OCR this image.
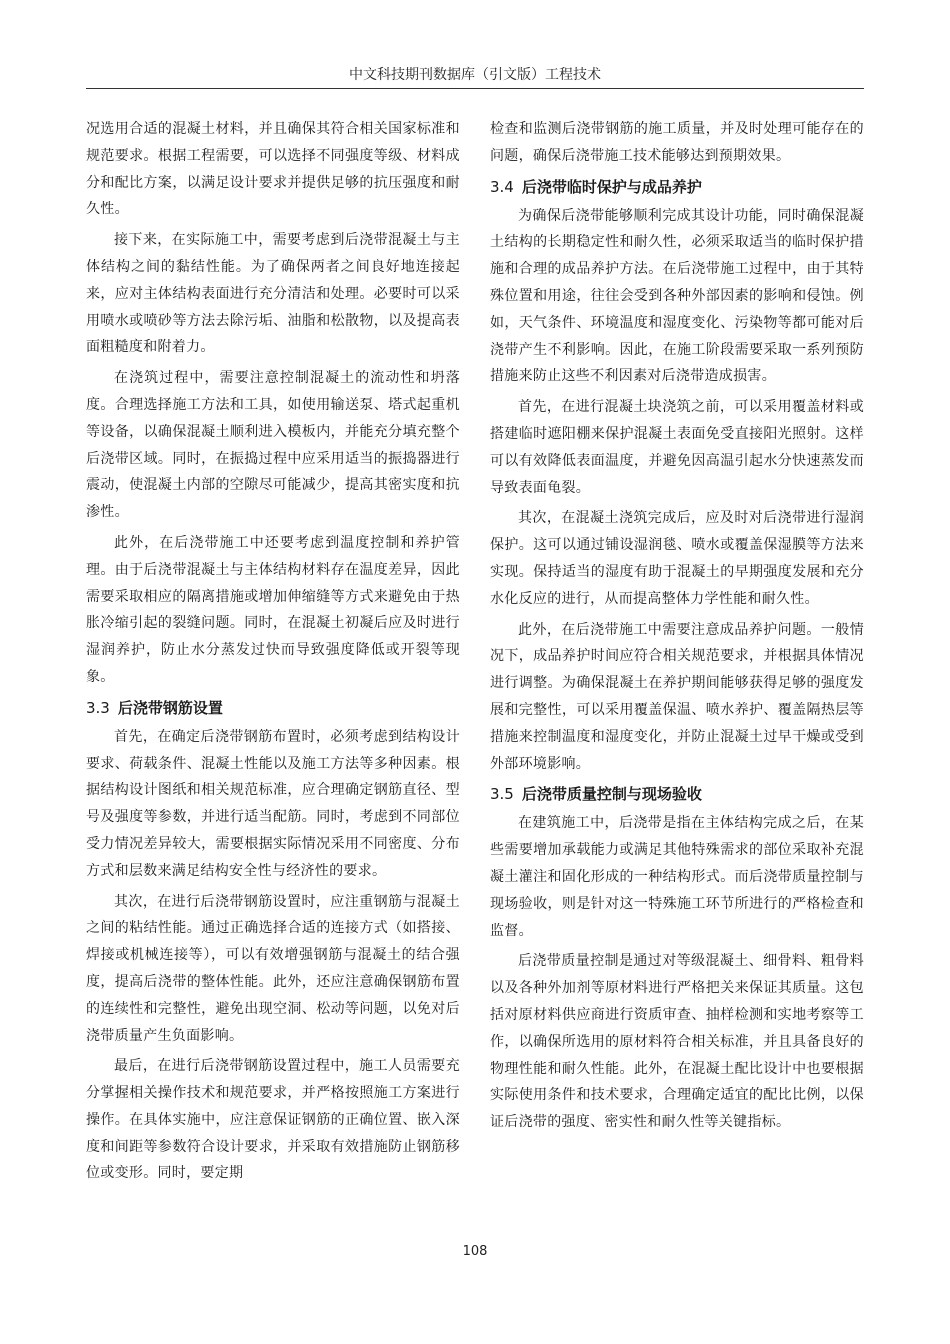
中文科技期刊数据库（引文版）工程技术

况选用合适的混凝土材料，并且确保其符合相关国家标准和规范要求。根据工程需要，可以选择不同强度等级、材料成分和配比方案，以满足设计要求并提供足够的抗压强度和耐久性。

接下来，在实际施工中，需要考虑到后浇带混凝土与主体结构之间的黏结性能。为了确保两者之间良好地连接起来，应对主体结构表面进行充分清洁和处理。必要时可以采用喷水或喷砂等方法去除污垢、油脂和松散物，以及提高表面粗糙度和附着力。

在浇筑过程中，需要注意控制混凝土的流动性和坍落度。合理选择施工方法和工具，如使用输送泵、塔式起重机等设备，以确保混凝土顺利进入模板内，并能充分填充整个后浇带区域。同时，在振捣过程中应采用适当的振捣器进行震动，使混凝土内部的空隙尽可能减少，提高其密实度和抗渗性。

此外，在后浇带施工中还要考虑到温度控制和养护管理。由于后浇带混凝土与主体结构材料存在温度差异，因此需要采取相应的隔离措施或增加伸缩缝等方式来避免由于热胀冷缩引起的裂缝问题。同时，在混凝土初凝后应及时进行湿润养护，防止水分蒸发过快而导致强度降低或开裂等现象。

3.3 后浇带钢筋设置

首先，在确定后浇带钢筋布置时，必须考虑到结构设计要求、荷载条件、混凝土性能以及施工方法等多种因素。根据结构设计图纸和相关规范标准，应合理确定钢筋直径、型号及强度等参数，并进行适当配筋。同时，考虑到不同部位受力情况差异较大，需要根据实际情况采用不同密度、分布方式和层数来满足结构安全性与经济性的要求。

其次，在进行后浇带钢筋设置时，应注重钢筋与混凝土之间的粘结性能。通过正确选择合适的连接方式（如搭接、焊接或机械连接等），可以有效增强钢筋与混凝土的结合强度，提高后浇带的整体性能。此外，还应注意确保钢筋布置的连续性和完整性，避免出现空洞、松动等问题，以免对后浇带质量产生负面影响。

最后，在进行后浇带钢筋设置过程中，施工人员需要充分掌握相关操作技术和规范要求，并严格按照施工方案进行操作。在具体实施中，应注意保证钢筋的正确位置、嵌入深度和间距等参数符合设计要求，并采取有效措施防止钢筋移位或变形。同时，要定期

检查和监测后浇带钢筋的施工质量，并及时处理可能存在的问题，确保后浇带施工技术能够达到预期效果。

3.4 后浇带临时保护与成品养护

为确保后浇带能够顺利完成其设计功能，同时确保混凝土结构的长期稳定性和耐久性，必须采取适当的临时保护措施和合理的成品养护方法。在后浇带施工过程中，由于其特殊位置和用途，往往会受到各种外部因素的影响和侵蚀。例如，天气条件、环境温度和湿度变化、污染物等都可能对后浇带产生不利影响。因此，在施工阶段需要采取一系列预防措施来防止这些不利因素对后浇带造成损害。

首先，在进行混凝土块浇筑之前，可以采用覆盖材料或搭建临时遮阳棚来保护混凝土表面免受直接阳光照射。这样可以有效降低表面温度，并避免因高温引起水分快速蒸发而导致表面龟裂。

其次，在混凝土浇筑完成后，应及时对后浇带进行湿润保护。这可以通过铺设湿润毯、喷水或覆盖保湿膜等方法来实现。保持适当的湿度有助于混凝土的早期强度发展和充分水化反应的进行，从而提高整体力学性能和耐久性。

此外，在后浇带施工中需要注意成品养护问题。一般情况下，成品养护时间应符合相关规范要求，并根据具体情况进行调整。为确保混凝土在养护期间能够获得足够的强度发展和完整性，可以采用覆盖保温、喷水养护、覆盖隔热层等措施来控制温度和湿度变化，并防止混凝土过早干燥或受到外部环境影响。

3.5 后浇带质量控制与现场验收

在建筑施工中，后浇带是指在主体结构完成之后，在某些需要增加承载能力或满足其他特殊需求的部位采取补充混凝土灌注和固化形成的一种结构形式。而后浇带质量控制与现场验收，则是针对这一特殊施工环节所进行的严格检查和监督。

后浇带质量控制是通过对等级混凝土、细骨料、粗骨料以及各种外加剂等原材料进行严格把关来保证其质量。这包括对原材料供应商进行资质审查、抽样检测和实地考察等工作，以确保所选用的原材料符合相关标准，并且具备良好的物理性能和耐久性能。此外，在混凝土配比设计中也要根据实际使用条件和技术要求，合理确定适宜的配比比例，以保证后浇带的强度、密实性和耐久性等关键指标。

108
